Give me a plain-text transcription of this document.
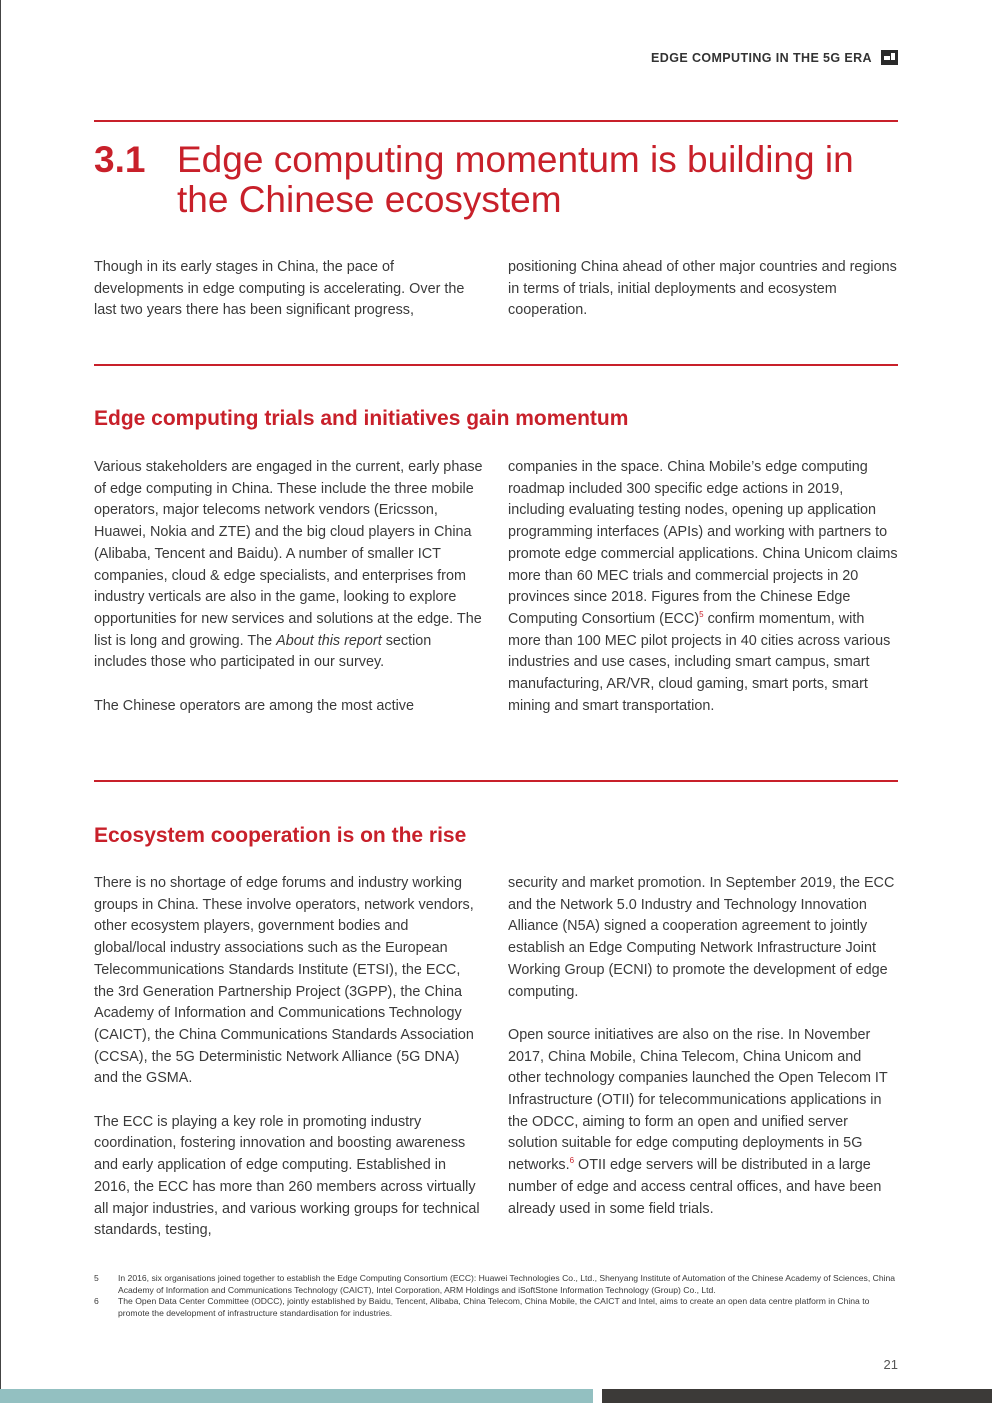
EDGE COMPUTING IN THE 5G ERA
3.1 Edge computing momentum is building in the Chinese ecosystem

Though in its early stages in China, the pace of developments in edge computing is accelerating. Over the last two years there has been significant progress,

positioning China ahead of other major countries and regions in terms of trials, initial deployments and ecosystem cooperation.

Edge computing trials and initiatives gain momentum

Various stakeholders are engaged in the current, early phase of edge computing in China. These include the three mobile operators, major telecoms network vendors (Ericsson, Huawei, Nokia and ZTE) and the big cloud players in China (Alibaba, Tencent and Baidu). A number of smaller ICT companies, cloud & edge specialists, and enterprises from industry verticals are also in the game, looking to explore opportunities for new services and solutions at the edge. The list is long and growing. The About this report section includes those who participated in our survey.

The Chinese operators are among the most active

companies in the space. China Mobile’s edge computing roadmap included 300 specific edge actions in 2019, including evaluating testing nodes, opening up application programming interfaces (APIs) and working with partners to promote edge commercial applications. China Unicom claims more than 60 MEC trials and commercial projects in 20 provinces since 2018. Figures from the Chinese Edge Computing Consortium (ECC)$^5$ confirm momentum, with more than 100 MEC pilot projects in 40 cities across various industries and use cases, including smart campus, smart manufacturing, AR/VR, cloud gaming, smart ports, smart mining and smart transportation.

Ecosystem cooperation is on the rise

There is no shortage of edge forums and industry working groups in China. These involve operators, network vendors, other ecosystem players, government bodies and global/local industry associations such as the European Telecommunications Standards Institute (ETSI), the ECC, the 3rd Generation Partnership Project (3GPP), the China Academy of Information and Communications Technology (CAICT), the China Communications Standards Association (CCSA), the 5G Deterministic Network Alliance (5G DNA) and the GSMA.

The ECC is playing a key role in promoting industry coordination, fostering innovation and boosting awareness and early application of edge computing. Established in 2016, the ECC has more than 260 members across virtually all major industries, and various working groups for technical standards, testing,

security and market promotion. In September 2019, the ECC and the Network 5.0 Industry and Technology Innovation Alliance (N5A) signed a cooperation agreement to jointly establish an Edge Computing Network Infrastructure Joint Working Group (ECNI) to promote the development of edge computing.

Open source initiatives are also on the rise. In November 2017, China Mobile, China Telecom, China Unicom and other technology companies launched the Open Telecom IT Infrastructure (OTII) for telecommunications applications in the ODCC, aiming to form an open and unified server solution suitable for edge computing deployments in 5G networks.$^6$ OTII edge servers will be distributed in a large number of edge and access central offices, and have been already used in some field trials.

5	In 2016, six organisations joined together to establish the Edge Computing Consortium (ECC): Huawei Technologies Co., Ltd., Shenyang Institute of Automation of the Chinese Academy of Sciences, China Academy of Information and Communications Technology (CAICT), Intel Corporation, ARM Holdings and iSoftStone Information Technology (Group) Co., Ltd.
6	The Open Data Center Committee (ODCC), jointly established by Baidu, Tencent, Alibaba, China Telecom, China Mobile, the CAICT and Intel, aims to create an open data centre platform in China to promote the development of infrastructure standardisation for industries.
21
